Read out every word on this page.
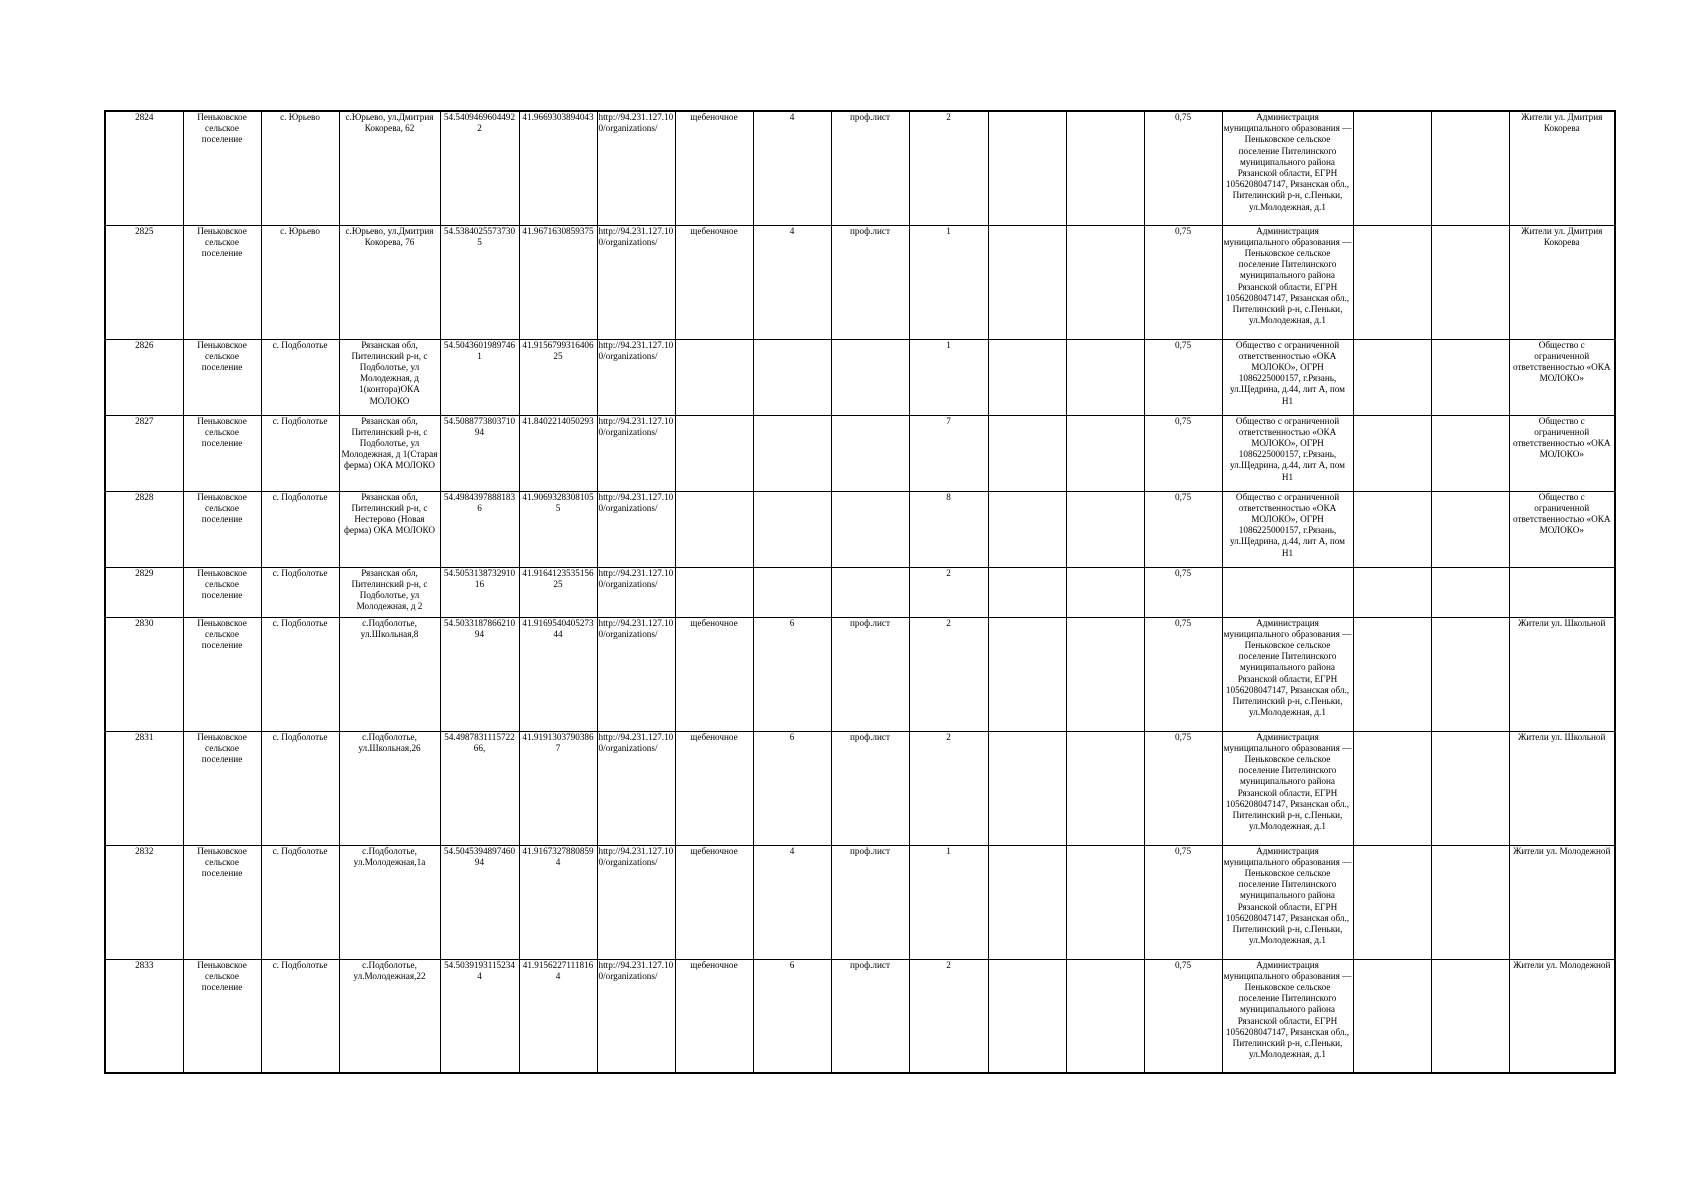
2824	Пеньковское сельское поселение	с. Юрьево	с.Юрьево, ул.Дмитрия Кокорева, 62	54.5409469604492 2	41.9669303894043	http://94.231.127.10 0/organizations/	щебеночное	4	проф.лист	2			0,75	Администрация муниципального образования — Пеньковское сельское поселение Пителинского муниципального района Рязанской области, ЕГРН 1056208047147, Рязанская обл., Пителинский р-н, с.Пеньки, ул.Молодежная, д.1			Жители ул. Дмитрия Кокорева
2825	Пеньковское сельское поселение	с. Юрьево	с.Юрьево, ул.Дмитрия Кокорева, 76	54.5384025573730 5	41.9671630859375	http://94.231.127.10 0/organizations/	щебеночное	4	проф.лист	1			0,75	Администрация муниципального образования — Пеньковское сельское поселение Пителинского муниципального района Рязанской области, ЕГРН 1056208047147, Рязанская обл., Пителинский р-н, с.Пеньки, ул.Молодежная, д.1			Жители ул. Дмитрия Кокорева
2826	Пеньковское сельское поселение	с. Подболотье	Рязанская обл, Пителинский р-н, с Подболотье, ул Молодежная, д 1(контора)ОКА МОЛОКО	54.5043601989746 1	41.9156799316406 25	http://94.231.127.10 0/organizations/				1			0,75	Общество с ограниченной ответственностью «ОКА МОЛОКО», ОГРН 1086225000157, г.Рязань, ул.Щедрина, д.44, лит А, пом Н1			Общество с ограниченной ответственностью «ОКА МОЛОКО»
2827	Пеньковское сельское поселение	с. Подболотье	Рязанская обл, Пителинский р-н, с Подболотье, ул Молодежная, д 1(Старая ферма) ОКА МОЛОКО	54.5088773803710 94	41.8402214050293	http://94.231.127.10 0/organizations/				7			0,75	Общество с ограниченной ответственностью «ОКА МОЛОКО», ОГРН 1086225000157, г.Рязань, ул.Щедрина, д.44, лит А, пом Н1			Общество с ограниченной ответственностью «ОКА МОЛОКО»
2828	Пеньковское сельское поселение	с. Подболотье	Рязанская обл, Пителинский р-н, с Нестерово (Новая ферма) ОКА МОЛОКО	54.4984397888183 6	41.9069328308105 5	http://94.231.127.10 0/organizations/				8			0,75	Общество с ограниченной ответственностью «ОКА МОЛОКО», ОГРН 1086225000157, г.Рязань, ул.Щедрина, д.44, лит А, пом Н1			Общество с ограниченной ответственностью «ОКА МОЛОКО»
2829	Пеньковское сельское поселение	с. Подболотье	Рязанская обл, Пителинский р-н, с Подболотье, ул Молодежная, д 2	54.5053138732910 16	41.9164123535156 25	http://94.231.127.10 0/organizations/				2			0,75				
2830	Пеньковское сельское поселение	с. Подболотье	с.Подболотье, ул.Школьная,8	54.5033187866210 94	41.9169540405273 44	http://94.231.127.10 0/organizations/	щебеночное	6	проф.лист	2			0,75	Администрация муниципального образования — Пеньковское сельское поселение Пителинского муниципального района Рязанской области, ЕГРН 1056208047147, Рязанская обл., Пителинский р-н, с.Пеньки, ул.Молодежная, д.1			Жители ул. Школьной
2831	Пеньковское сельское поселение	с. Подболотье	с.Подболотье, ул.Школьная,26	54.4987831115722 66,	41.9191303790386 7	http://94.231.127.10 0/organizations/	щебеночное	6	проф.лист	2			0,75	Администрация муниципального образования — Пеньковское сельское поселение Пителинского муниципального района Рязанской области, ЕГРН 1056208047147, Рязанская обл., Пителинский р-н, с.Пеньки, ул.Молодежная, д.1			Жители ул. Школьной
2832	Пеньковское сельское поселение	с. Подболотье	с.Подболотье, ул.Молодежная,1а	54.5045394897460 94	41.9167327880859 4	http://94.231.127.10 0/organizations/	щебеночное	4	проф.лист	1			0,75	Администрация муниципального образования — Пеньковское сельское поселение Пителинского муниципального района Рязанской области, ЕГРН 1056208047147, Рязанская обл., Пителинский р-н, с.Пеньки, ул.Молодежная, д.1			Жители ул. Молодежной
2833	Пеньковское сельское поселение	с. Подболотье	с.Подболотье, ул.Молодежная,22	54.5039193115234 4	41.9156227111816 4	http://94.231.127.10 0/organizations/	щебеночное	6	проф.лист	2			0,75	Администрация муниципального образования — Пеньковское сельское поселение Пителинского муниципального района Рязанской области, ЕГРН 1056208047147, Рязанская обл., Пителинский р-н, с.Пеньки, ул.Молодежная, д.1			Жители ул. Молодежной
